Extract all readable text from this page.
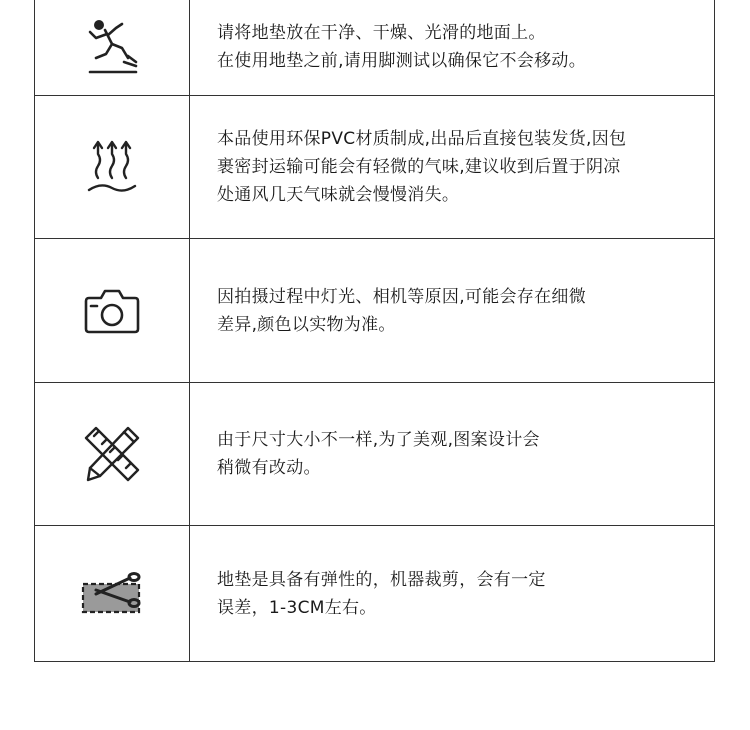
请将地垫放在干净、干燥、光滑的地面上。
在使用地垫之前,请用脚测试以确保它不会移动。

本品使用环保PVC材质制成,出品后直接包装发货,因包
裹密封运输可能会有轻微的气味,建议收到后置于阴凉
处通风几天气味就会慢慢消失。

因拍摄过程中灯光、相机等原因,可能会存在细微
差异,颜色以实物为准。

由于尺寸大小不一样,为了美观,图案设计会
稍微有改动。

地垫是具备有弹性的，机器裁剪，会有一定
误差，1-3CM左右。
